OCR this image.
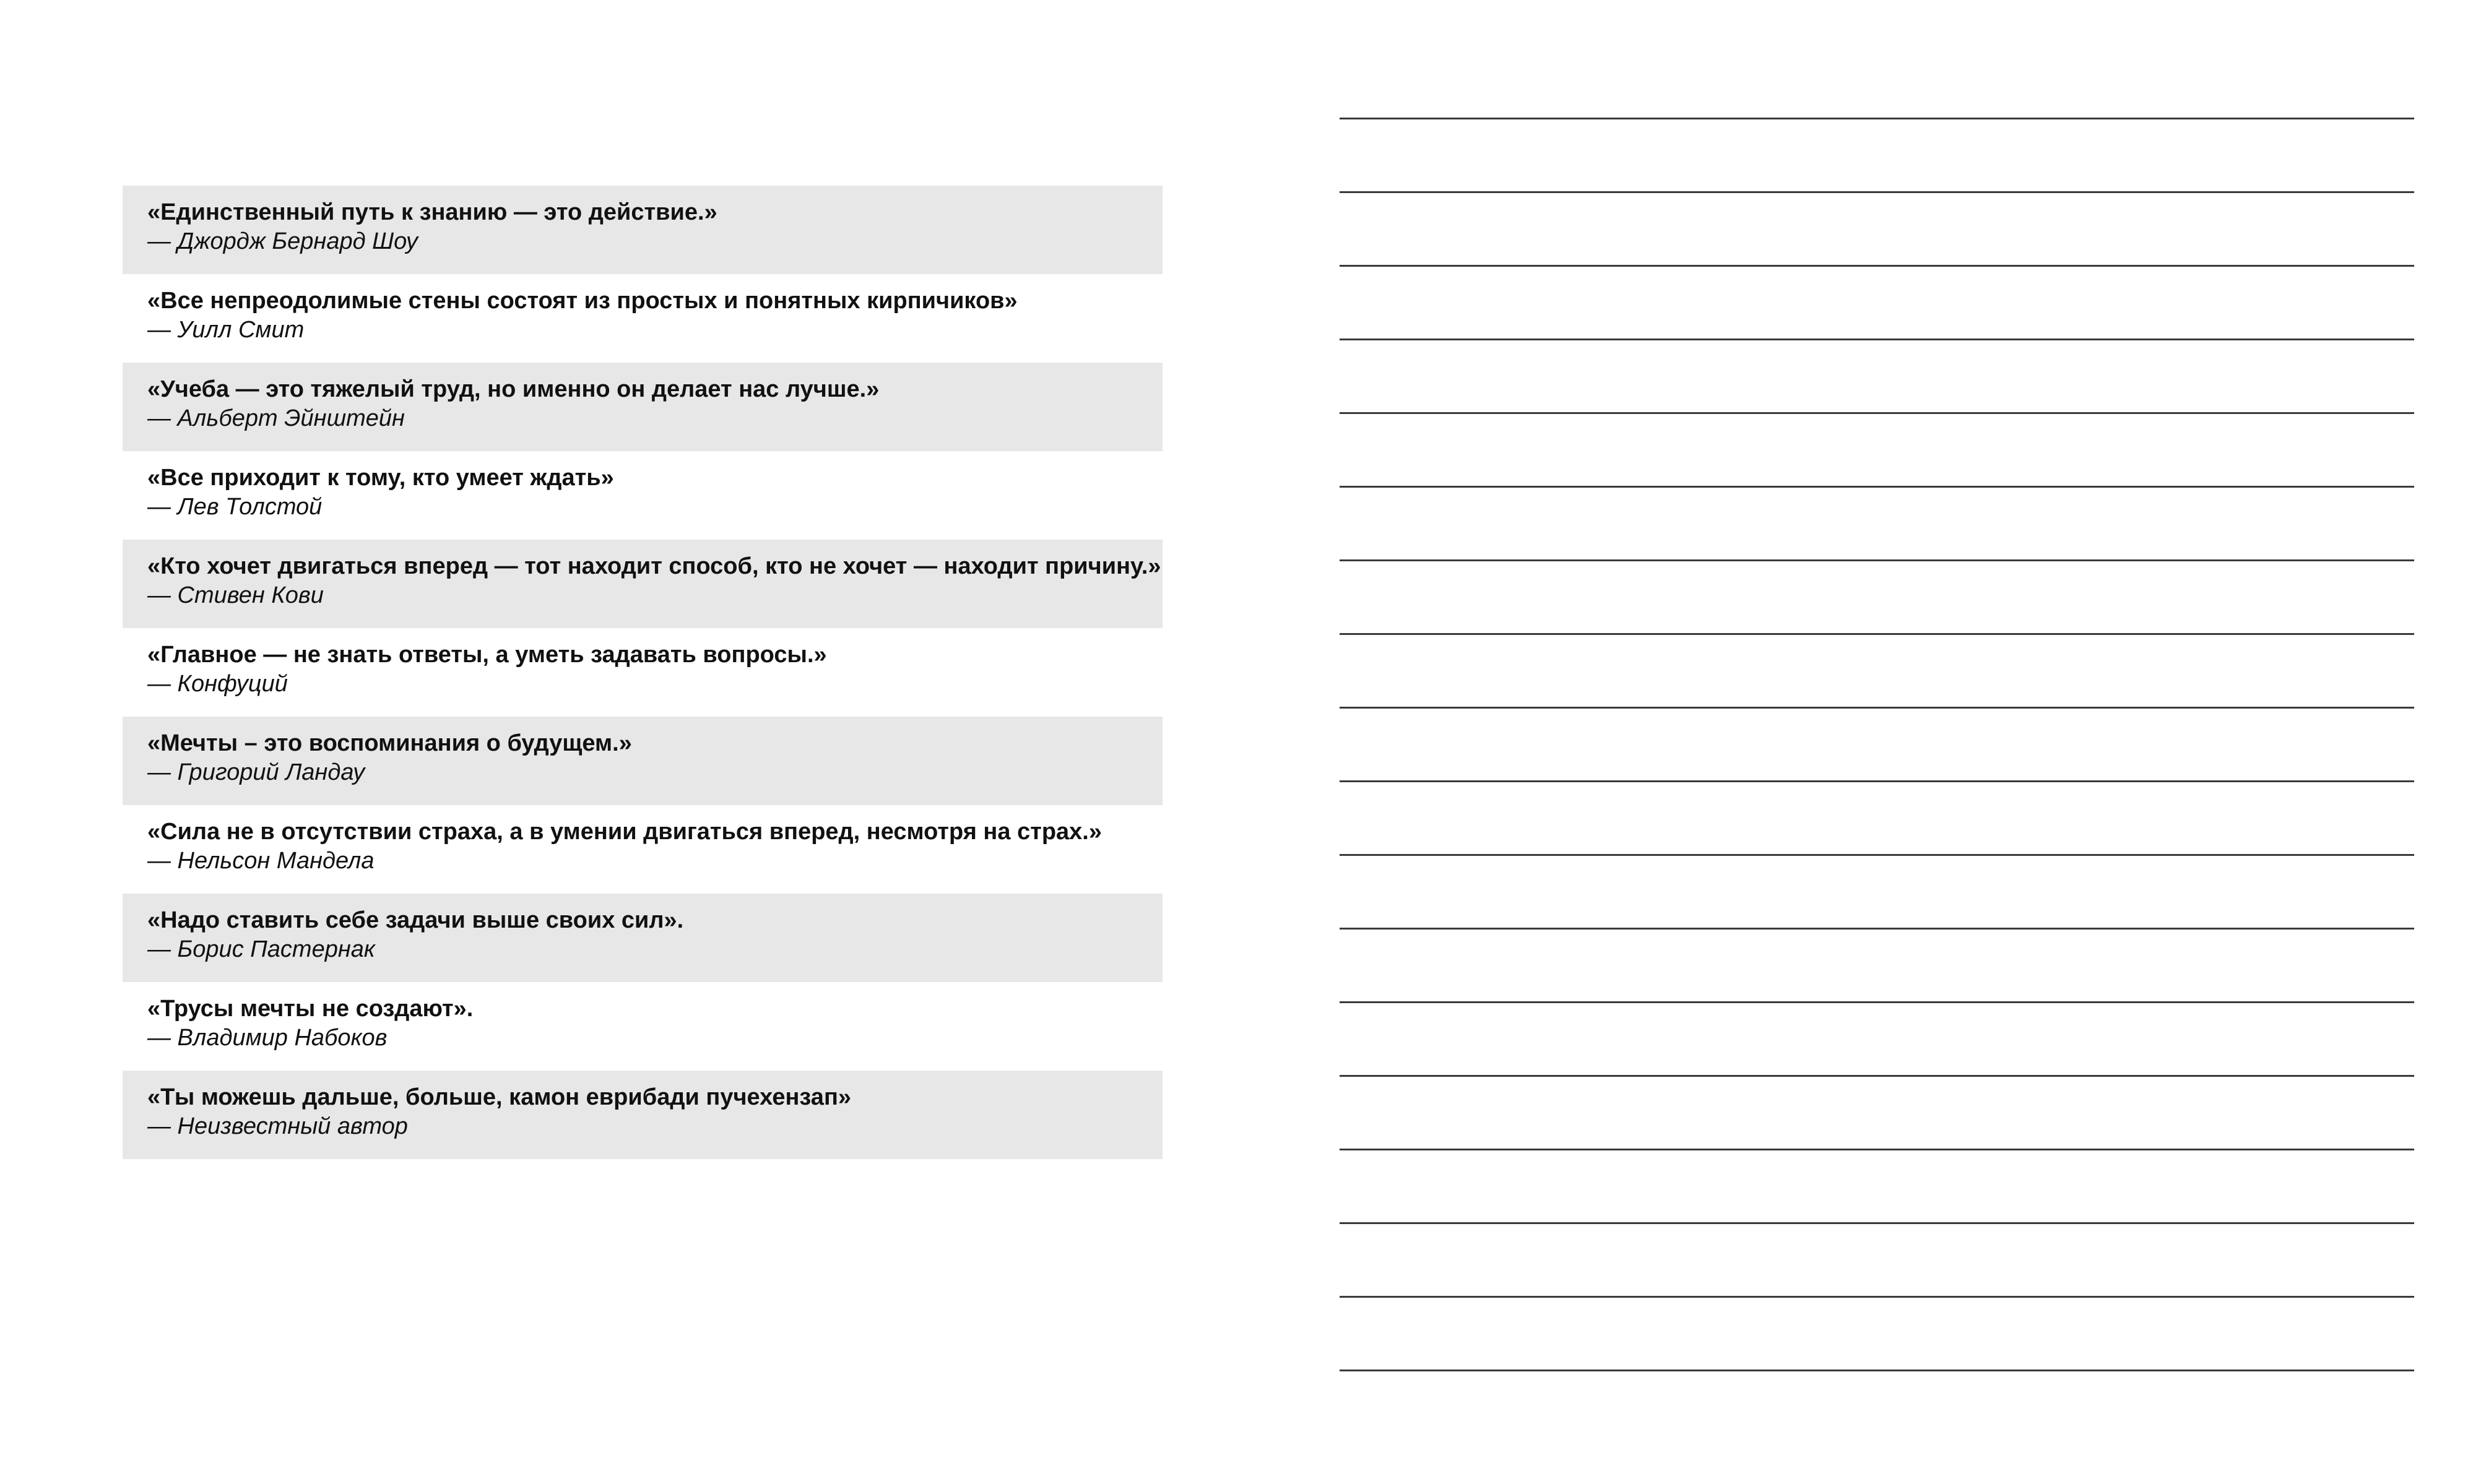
«Единственный путь к знанию — это действие.»

— Джордж Бернард Шоу

«Все непреодолимые стены состоят из простых и понятных кирпичиков»

— Уилл Смит

«Учеба — это тяжелый труд, но именно он делает нас лучше.»

— Альберт Эйнштейн

«Все приходит к тому, кто умеет ждать»

— Лев Толстой

«Кто хочет двигаться вперед — тот находит способ, кто не хочет — находит причину.»

— Стивен Кови

«Главное — не знать ответы, а уметь задавать вопросы.»

— Конфуций

«Мечты – это воспоминания о будущем.»

— Григорий Ландау

«Сила не в отсутствии страха, а в умении двигаться вперед, несмотря на страх.»

— Нельсон Мандела

«Надо ставить себе задачи выше своих сил».

— Борис Пастернак

«Трусы мечты не создают».

— Владимир Набоков

«Ты можешь дальше, больше, камон еврибади пучехензап»

— Неизвестный автор
